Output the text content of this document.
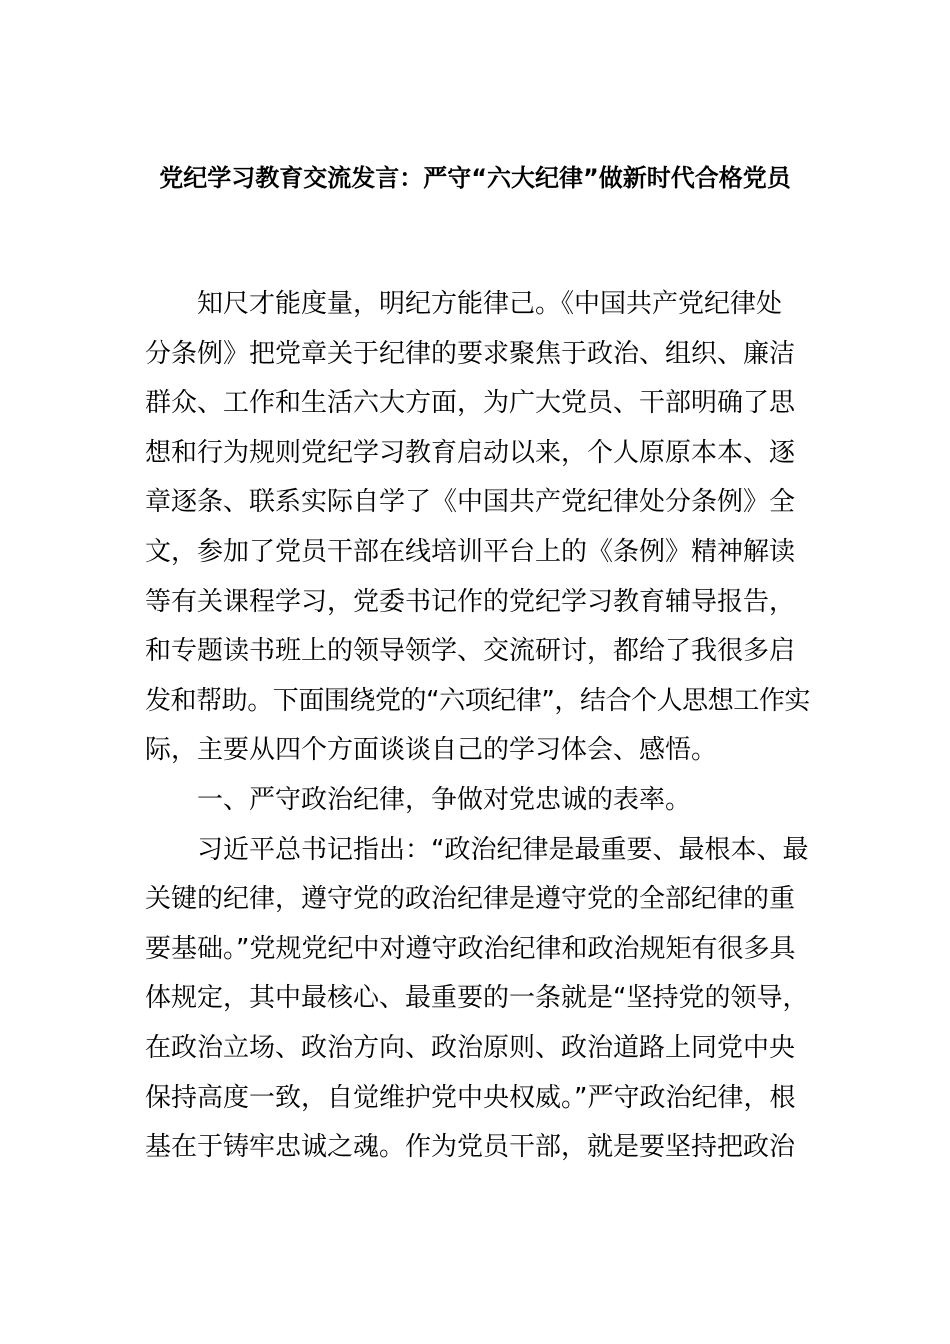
党纪学习教育交流发言：严守“六大纪律”做新时代合格党员
知尺才能度量，明纪方能律己。《中国共产党纪律处
分条例》把党章关于纪律的要求聚焦于政治、组织、廉洁
群众、工作和生活六大方面，为广大党员、干部明确了思
想和行为规则党纪学习教育启动以来，个人原原本本、逐
章逐条、联系实际自学了《中国共产党纪律处分条例》全
文，参加了党员干部在线培训平台上的《条例》精神解读
等有关课程学习，党委书记作的党纪学习教育辅导报告，
和专题读书班上的领导领学、交流研讨，都给了我很多启
发和帮助。下面围绕党的“六项纪律”，结合个人思想工作实
际，主要从四个方面谈谈自己的学习体会、感悟。
一、严守政治纪律，争做对党忠诚的表率。
习近平总书记指出：“政治纪律是最重要、最根本、最
关键的纪律，遵守党的政治纪律是遵守党的全部纪律的重
要基础。”党规党纪中对遵守政治纪律和政治规矩有很多具
体规定，其中最核心、最重要的一条就是“坚持党的领导，
在政治立场、政治方向、政治原则、政治道路上同党中央
保持高度一致，自觉维护党中央权威。”严守政治纪律，根
基在于铸牢忠诚之魂。作为党员干部，就是要坚持把政治
